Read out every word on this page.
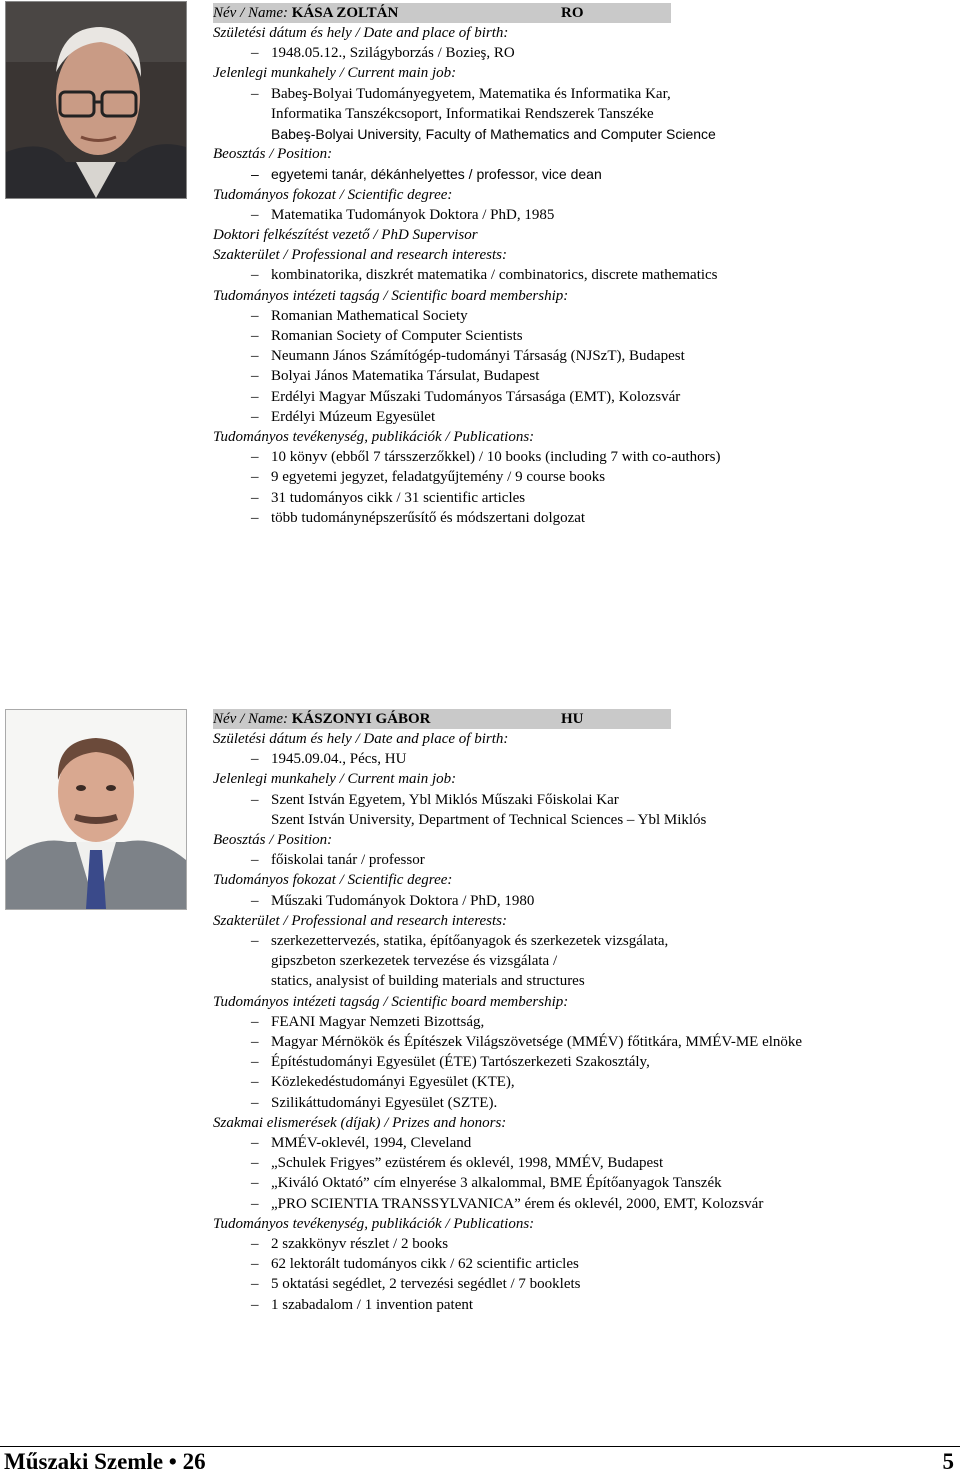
Név / Name: KÁSA ZOLTÁN	RO
Születési dátum és hely / Date and place of birth:
– 1948.05.12., Szilágyborzás / Bozieş, RO
Jelenlegi munkahely / Current main job:
– Babeş-Bolyai Tudományegyetem, Matematika és Informatika Kar,
Informatika Tanszékcsoport, Informatikai Rendszerek Tanszéke
Babeş-Bolyai University, Faculty of Mathematics and Computer Science
Beosztás / Position:
– egyetemi tanár, dékánhelyettes / professor, vice dean
Tudományos fokozat / Scientific degree:
– Matematika Tudományok Doktora / PhD, 1985
Doktori felkészítést vezető / PhD Supervisor
Szakterület / Professional and research interests:
– kombinatorika, diszkrét matematika / combinatorics, discrete mathematics
Tudományos intézeti tagság / Scientific board membership:
– Romanian Mathematical Society
– Romanian Society of Computer Scientists
– Neumann János Számítógép-tudományi Társaság (NJSzT), Budapest
– Bolyai János Matematika Társulat, Budapest
– Erdélyi Magyar Műszaki Tudományos Társasága (EMT), Kolozsvár
– Erdélyi Múzeum Egyesület
Tudományos tevékenység, publikációk / Publications:
– 10 könyv (ebből 7 társszerzőkkel) / 10 books (including 7 with co-authors)
– 9 egyetemi jegyzet, feladatgyűjtemény / 9 course books
– 31 tudományos cikk / 31 scientific articles
– több tudománynépszerűsítő és módszertani dolgozat
Név / Name: KÁSZONYI GÁBOR	HU
Születési dátum és hely / Date and place of birth:
– 1945.09.04., Pécs, HU
Jelenlegi munkahely / Current main job:
– Szent István Egyetem, Ybl Miklós Műszaki Főiskolai Kar
Szent István University, Department of Technical Sciences – Ybl Miklós
Beosztás / Position:
– főiskolai tanár / professor
Tudományos fokozat / Scientific degree:
– Műszaki Tudományok Doktora / PhD, 1980
Szakterület / Professional and research interests:
– szerkezettervezés, statika, építőanyagok és szerkezetek vizsgálata,
gipszbeton szerkezetek tervezése és vizsgálata /
statics, analysist of building materials and structures
Tudományos intézeti tagság / Scientific board membership:
– FEANI Magyar Nemzeti Bizottság,
– Magyar Mérnökök és Építészek Világszövetsége (MMÉV) főtitkára, MMÉV-ME elnöke
– Építéstudományi Egyesület (ÉTE) Tartószerkezeti Szakosztály,
– Közlekedéstudományi Egyesület (KTE),
– Szilikáttudományi Egyesület (SZTE).
Szakmai elismerések (díjak) / Prizes and honors:
– MMÉV-oklevél, 1994, Cleveland
– „Schulek Frigyes” ezüstérem és oklevél, 1998, MMÉV, Budapest
– „Kiváló Oktató” cím elnyerése 3 alkalommal, BME Építőanyagok Tanszék
– „PRO SCIENTIA TRANSSYLVANICA” érem és oklevél, 2000, EMT, Kolozsvár
Tudományos tevékenység, publikációk / Publications:
– 2 szakkönyv részlet / 2 books
– 62 lektorált tudományos cikk / 62 scientific articles
– 5 oktatási segédlet, 2 tervezési segédlet / 7 booklets
– 1 szabadalom / 1 invention patent
Műszaki Szemle • 26	5
